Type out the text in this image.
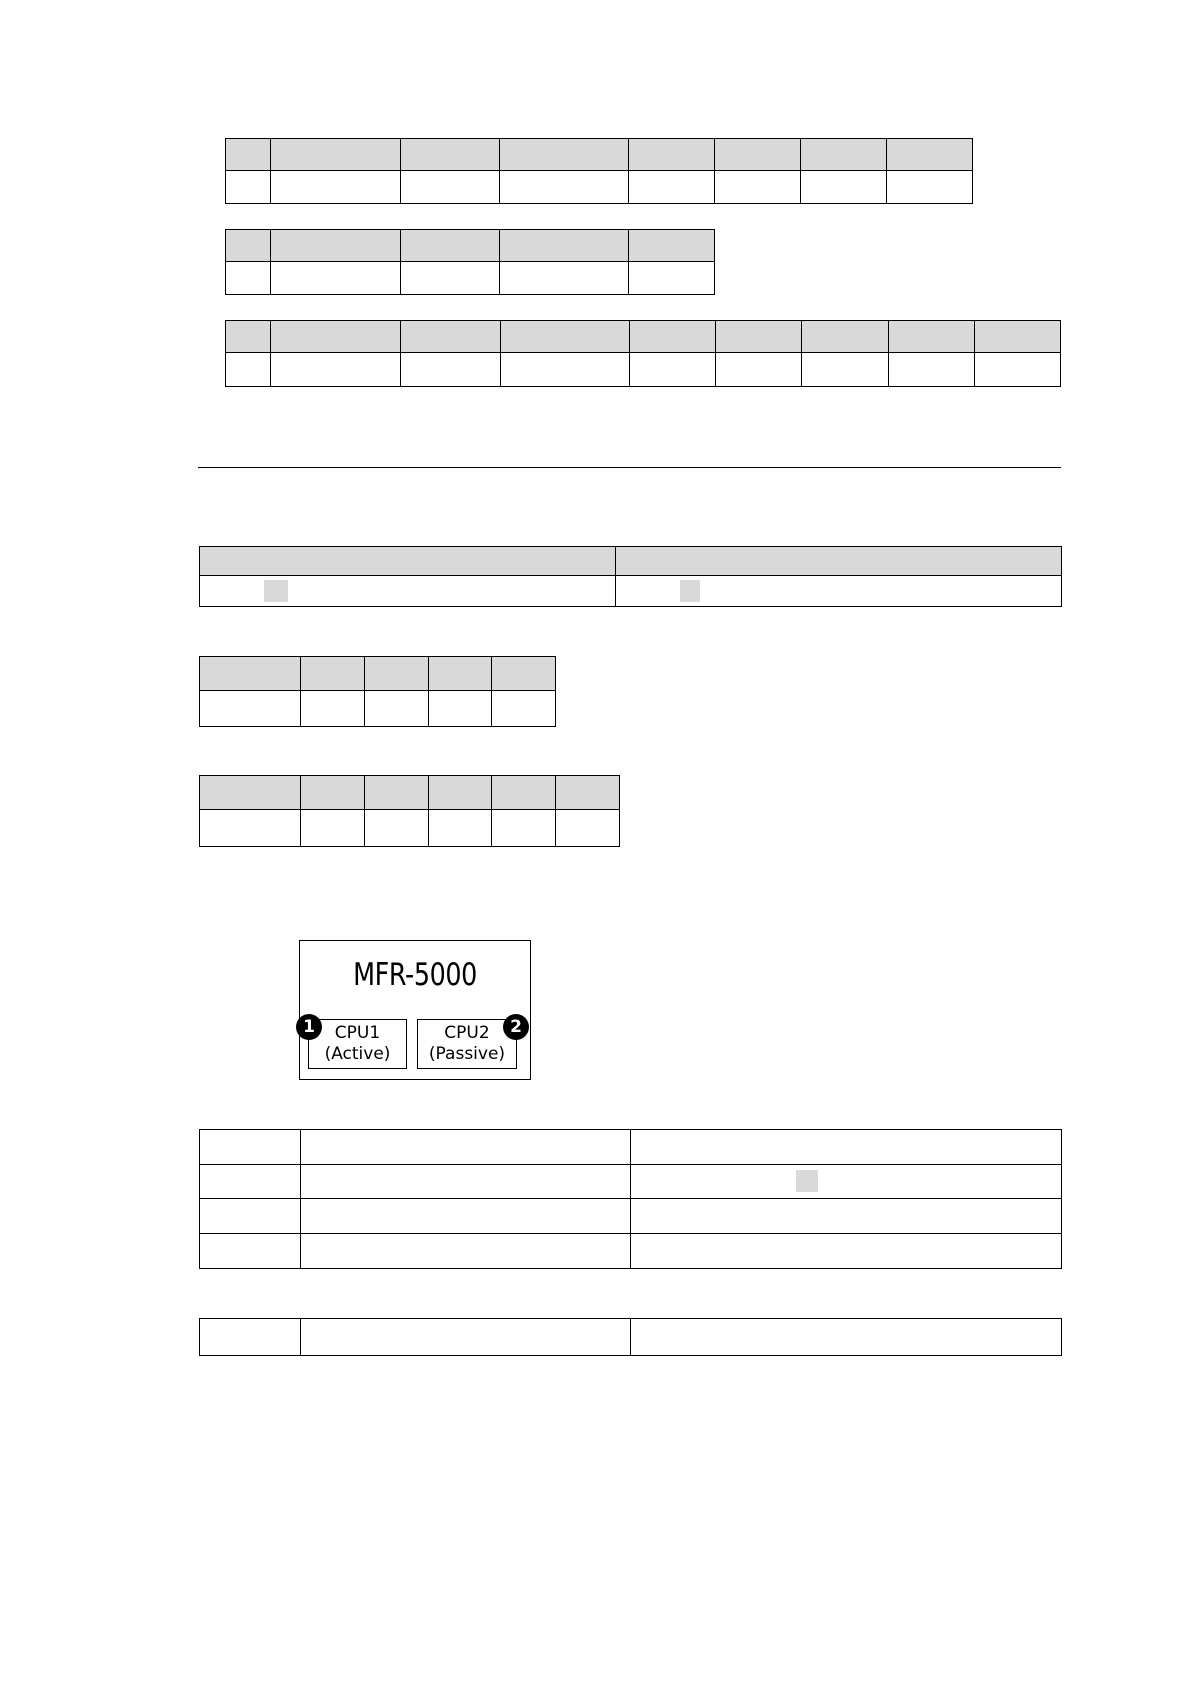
MFR-5000
CPU1
(Active)
CPU2
(Passive)
1	2
